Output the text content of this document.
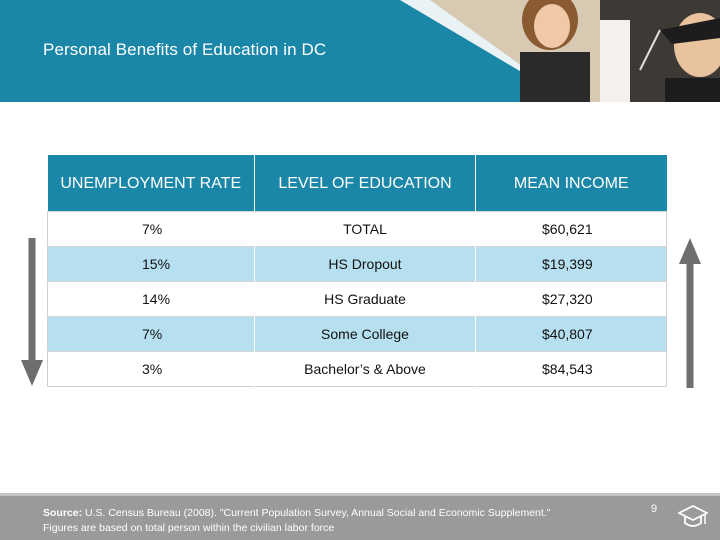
Personal Benefits of Education in DC
UNEMPLOYMENT RATE	LEVEL OF EDUCATION	MEAN INCOME
7%	TOTAL	$60,621
15%	HS Dropout	$19,399
14%	HS Graduate	$27,320
7%	Some College	$40,807
3%	Bachelor’s & Above	$84,543
Source: U.S. Census Bureau (2008). "Current Population Survey, Annual Social and Economic Supplement." Figures are based on total person within the civilian labor force
9
